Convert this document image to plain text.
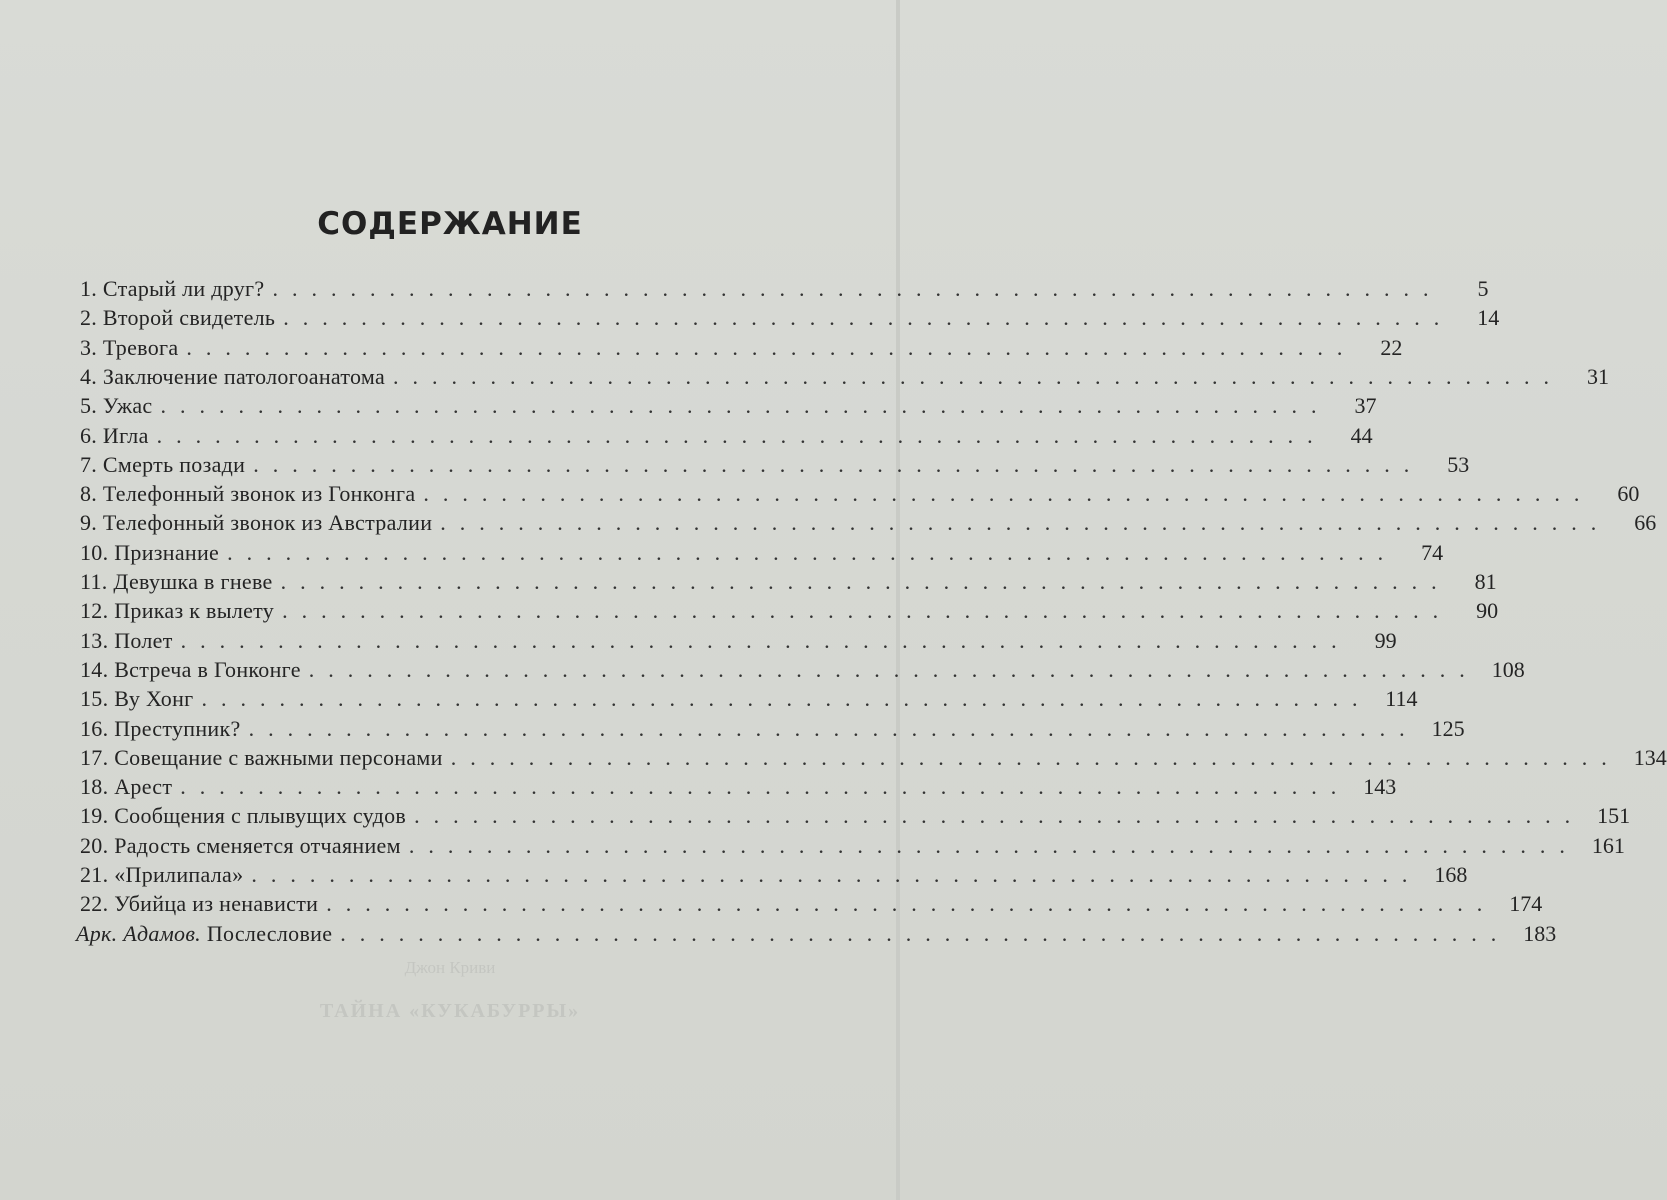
СОДЕРЖАНИЕ
1. Старый ли друг? ............................................................	5
2. Второй свидетель ............................................................	14
3. Тревога ............................................................	22
4. Заключение патологоанатома ............................................................	31
5. Ужас ............................................................	37
6. Игла ............................................................	44
7. Смерть позади ............................................................	53
8. Телефонный звонок из Гонконга ............................................................	60
9. Телефонный звонок из Австралии ............................................................	66
10. Признание ............................................................	74
11. Девушка в гневе ............................................................	81
12. Приказ к вылету ............................................................	90
13. Полет ............................................................	99
14. Встреча в Гонконге ............................................................ 108
15. Ву Хонг ............................................................ 114
16. Преступник? ............................................................ 125
17. Совещание с важными персонами ............................................................ 134
18. Арест ............................................................ 143
19. Сообщения с плывущих судов ............................................................ 151
20. Радость сменяется отчаянием ............................................................ 161
21. «Прилипала» ............................................................ 168
22. Убийца из ненависти ............................................................ 174
Арк. Адамов. Послесловие ............................................................ 183
Джон Криви
ТАЙНА «КУКАБУРРЫ»
